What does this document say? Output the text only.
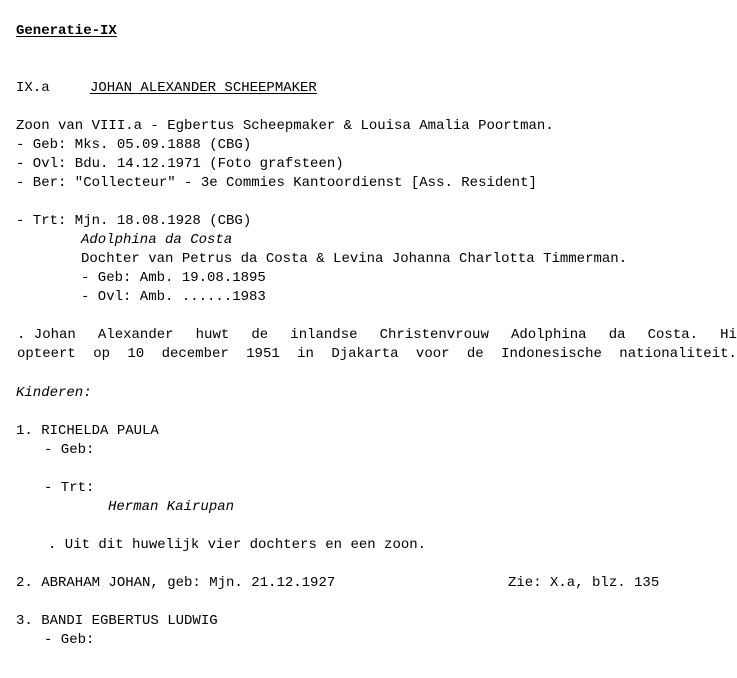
Generatie-IX
IX.a	JOHAN ALEXANDER SCHEEPMAKER
Zoon van VIII.a - Egbertus Scheepmaker & Louisa Amalia Poortman.
- Geb: Mks. 05.09.1888 (CBG)
- Ovl: Bdu. 14.12.1971 (Foto grafsteen)
- Ber: "Collecteur" - 3e Commies Kantoordienst [Ass. Resident]
- Trt: Mjn. 18.08.1928 (CBG)
Adolphina da Costa
Dochter van Petrus da Costa & Levina Johanna Charlotta Timmerman.
- Geb: Amb. 19.08.1895
- Ovl: Amb. ......1983
. Johan Alexander huwt de inlandse Christenvrouw Adolphina da Costa. Hi
opteert op 10 december 1951 in Djakarta voor de Indonesische nationaliteit.
Kinderen:
1. RICHELDA PAULA
- Geb:
- Trt:
Herman Kairupan
. Uit dit huwelijk vier dochters en een zoon.
2. ABRAHAM JOHAN, geb: Mjn. 21.12.1927	Zie: X.a, blz. 135
3. BANDI EGBERTUS LUDWIG
- Geb:
